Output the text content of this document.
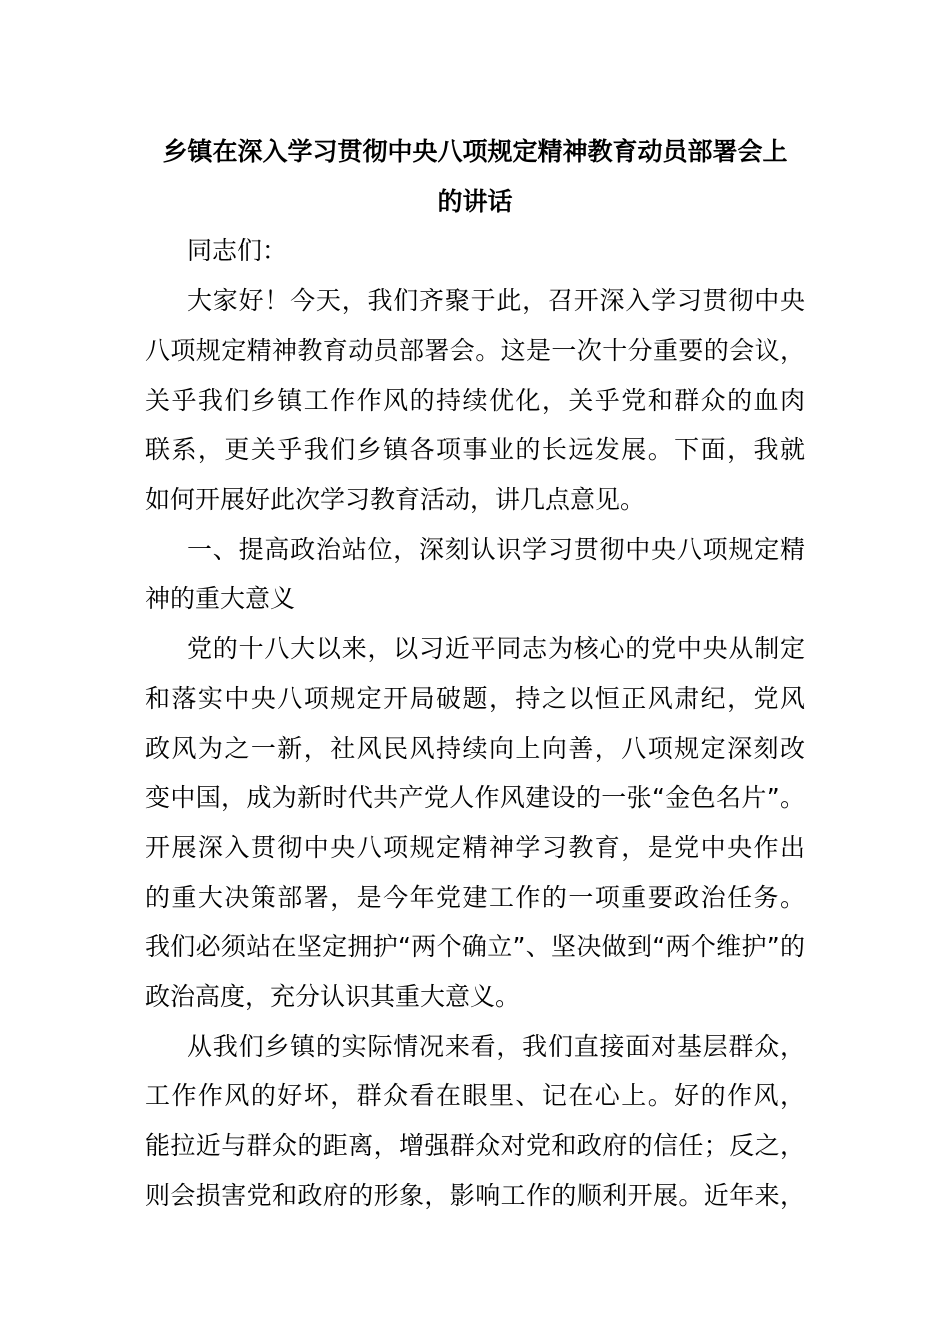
乡镇在深入学习贯彻中央八项规定精神教育动员部署会上
的讲话
同志们：
大家好！今天，我们齐聚于此，召开深入学习贯彻中央
八项规定精神教育动员部署会。这是一次十分重要的会议，
关乎我们乡镇工作作风的持续优化，关乎党和群众的血肉
联系，更关乎我们乡镇各项事业的长远发展。下面，我就
如何开展好此次学习教育活动，讲几点意见。
一、提高政治站位，深刻认识学习贯彻中央八项规定精
神的重大意义
党的十八大以来，以习近平同志为核心的党中央从制定
和落实中央八项规定开局破题，持之以恒正风肃纪，党风
政风为之一新，社风民风持续向上向善，八项规定深刻改
变中国，成为新时代共产党人作风建设的一张“金色名片”。
开展深入贯彻中央八项规定精神学习教育，是党中央作出
的重大决策部署，是今年党建工作的一项重要政治任务。
我们必须站在坚定拥护“两个确立”、坚决做到“两个维护”的
政治高度，充分认识其重大意义。
从我们乡镇的实际情况来看，我们直接面对基层群众，
工作作风的好坏，群众看在眼里、记在心上。好的作风，
能拉近与群众的距离，增强群众对党和政府的信任；反之，
则会损害党和政府的形象，影响工作的顺利开展。近年来，
